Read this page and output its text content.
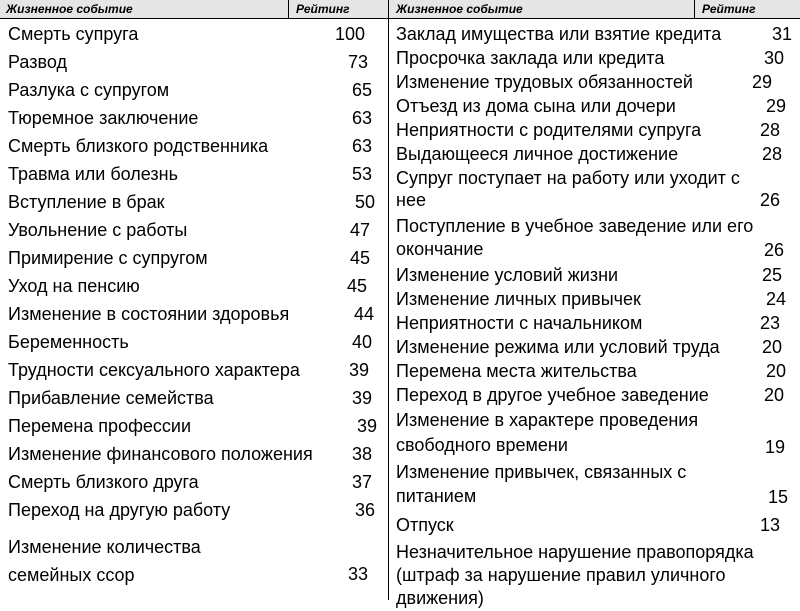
Жизненное событие	Рейтинг	Жизненное событие	Рейтинг
Смерть супруга	100
Развод	73
Разлука с супругом	65
Тюремное заключение	63
Смерть близкого родственника	63
Травма или болезнь	53
Вступление в брак	50
Увольнение с работы	47
Примирение с супругом	45
Уход на пенсию	45
Изменение в состоянии здоровья	44
Беременность	40
Трудности сексуального характера	39
Прибавление семейства	39
Перемена профессии	39
Изменение финансового положения 38
Смерть близкого друга	37
Переход на другую работу	36
Изменение количества семейных ссор	33
Заклад имущества или взятие кредита	31
Просрочка заклада или кредита	30
Изменение трудовых обязанностей	29
Отъезд из дома сына или дочери	29
Неприятности с родителями супруга	28
Выдающееся личное достижение	28
Супруг поступает на работу или уходит с нее	26
Поступление в учебное заведение или его окончание	26
Изменение условий жизни	25
Изменение личных привычек	24
Неприятности с начальником	23
Изменение режима или условий труда 20
Перемена места жительства	20
Переход в другое учебное заведение	20
Изменение в характере проведения свободного времени	19
Изменение привычек, связанных с питанием	15
Отпуск	13
Незначительное нарушение правопорядка (штраф за нарушение правил уличного движения)
